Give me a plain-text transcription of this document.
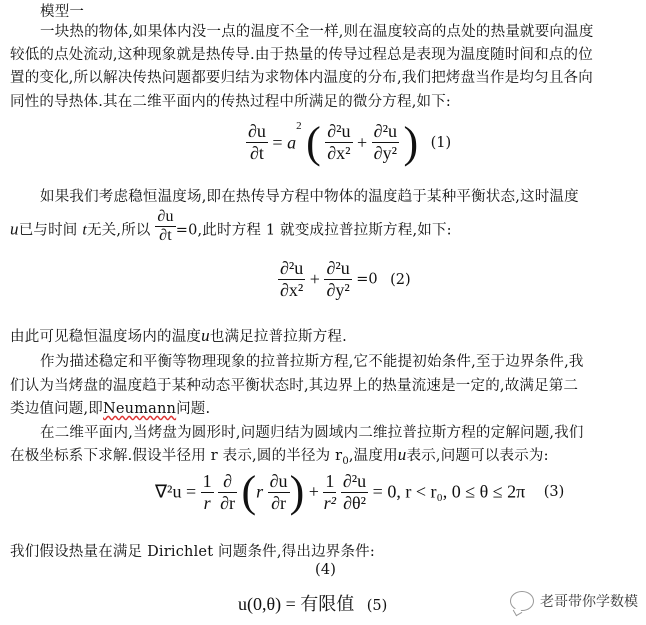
模型一
一块热的物体,如果体内没一点的温度不全一样,则在温度较高的点处的热量就要向温度
较低的点处流动,这种现象就是热传导.由于热量的传导过程总是表现为温度随时间和点的位
置的变化,所以解决传热问题都要归结为求物体内温度的分布,我们把烤盘当作是均匀且各向
同性的导热体.其在二维平面内的传热过程中所满足的微分方程,如下:
$\frac{\partial u}{\partial t} = a^2$ ( $\frac{\text{∂²u}}{\text{∂x²}} + \frac{\text{∂²u}}{\text{∂y²}}$ ) (1)
如果我们考虑稳恒温度场,即在热传导方程中物体的温度趋于某种平衡状态,这时温度
u已与时间 t无关,所以 $\frac{\partial u}{\partial t} =0$,此时方程 1 就变成拉普拉斯方程,如下:
$\frac{\text{∂²u}}{\text{∂x²}} + \frac{\text{∂²u}}{\text{∂y²}} =0$ (2)
由此可见稳恒温度场内的温度u也满足拉普拉斯方程.
作为描述稳定和平衡等物理现象的拉普拉斯方程,它不能提初始条件,至于边界条件,我
们认为当烤盘的温度趋于某种动态平衡状态时,其边界上的热量流速是一定的,故满足第二
类边值问题,即Neumann问题.
在二维平面内,当烤盘为圆形时,问题归结为圆域内二维拉普拉斯方程的定解问题,我们
在极坐标系下求解.假设半径用 r 表示,圆的半径为 $r_0$,温度用u表示,问题可以表示为:
$\nabla^2u = \frac{1}{r} \frac{\partial}{\partial r} (r \frac{\partial u}{\partial r}$ ) + $\frac{1}{\text{r²}} \frac{\text{∂²u}}{\text{∂θ²}} = 0$, r < r₀, 0 ≤ θ ≤ 2π (3)
我们假设热量在满足 Dirichlet 问题条件,得出边界条件:
(4)
u(0,θ) = 有限值 (5)	老哥带你学数模
